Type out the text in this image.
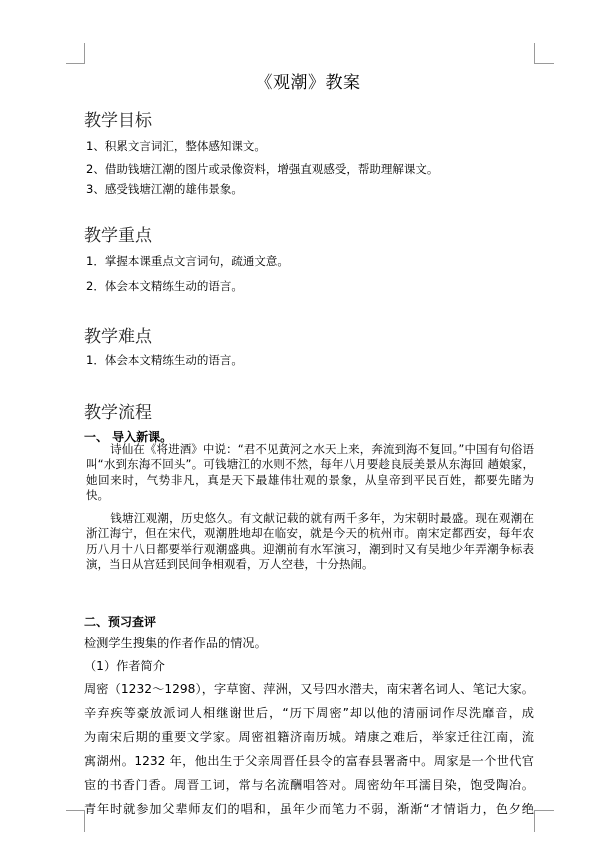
《观潮》教案
教学目标
1、积累文言词汇，整体感知课文。
2、借助钱塘江潮的图片或录像资料，增强直观感受，帮助理解课文。
3、感受钱塘江潮的雄伟景象。
教学重点
1．掌握本课重点文言词句，疏通文意。
2．体会本文精练生动的语言。
教学难点
1．体会本文精练生动的语言。
教学流程
一、 导入新课。
诗仙在《将进酒》中说：“君不见黄河之水天上来，奔流到海不复回。”中国有句俗语叫“水到东海不回头”。可钱塘江的水则不然，每年八月要趁良辰美景从东海回 趟娘家，她回来时，气势非凡，真是天下最雄伟壮观的景象，从皇帝到平民百姓，都要先睹为快。
钱塘江观潮，历史悠久。有文献记载的就有两千多年，为宋朝时最盛。现在观潮在浙江海宁，但在宋代，观潮胜地却在临安，就是今天的杭州市。南宋定都西安，每年农历八月十八日都要举行观潮盛典。迎潮前有水军演习，潮到时又有吴地少年弄潮争标表演，当日从宫廷到民间争相观看，万人空巷，十分热闹。
二、预习查评
检测学生搜集的作者作品的情况。
（1）作者简介
周密（1232～1298），字草窗、萍洲，又号四水潜夫，南宋著名词人、笔记大家。
辛弃疾等豪放派词人相继谢世后，“历下周密”却以他的清丽词作尽洗靡音，成
为南宋后期的重要文学家。周密祖籍济南历城。靖康之难后，举家迁往江南，流
寓湖州。1232 年，他出生于父亲周晋任县令的富春县署斋中。周家是一个世代官
宦的书香门香。周晋工词，常与名流酬唱答对。周密幼年耳濡目染，饱受陶冶。
青年时就参加父辈师友们的唱和，虽年少而笔力不弱，渐渐“才情诣力，色夕绝
